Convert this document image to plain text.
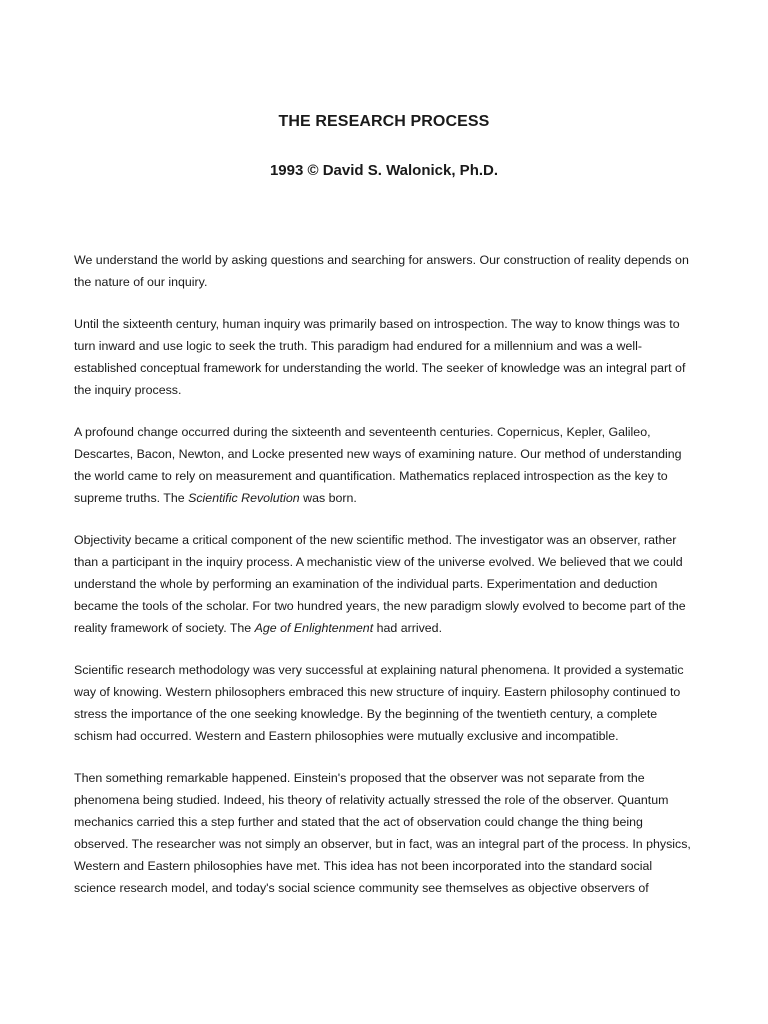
THE RESEARCH PROCESS
1993 © David S. Walonick, Ph.D.

We understand the world by asking questions and searching for answers. Our construction of reality depends on the nature of our inquiry.

Until the sixteenth century, human inquiry was primarily based on introspection. The way to know things was to turn inward and use logic to seek the truth. This paradigm had endured for a millennium and was a well-established conceptual framework for understanding the world. The seeker of knowledge was an integral part of the inquiry process.

A profound change occurred during the sixteenth and seventeenth centuries. Copernicus, Kepler, Galileo, Descartes, Bacon, Newton, and Locke presented new ways of examining nature. Our method of understanding the world came to rely on measurement and quantification. Mathematics replaced introspection as the key to supreme truths. The Scientific Revolution was born.

Objectivity became a critical component of the new scientific method. The investigator was an observer, rather than a participant in the inquiry process. A mechanistic view of the universe evolved. We believed that we could understand the whole by performing an examination of the individual parts. Experimentation and deduction became the tools of the scholar. For two hundred years, the new paradigm slowly evolved to become part of the reality framework of society. The Age of Enlightenment had arrived.

Scientific research methodology was very successful at explaining natural phenomena. It provided a systematic way of knowing. Western philosophers embraced this new structure of inquiry. Eastern philosophy continued to stress the importance of the one seeking knowledge. By the beginning of the twentieth century, a complete schism had occurred. Western and Eastern philosophies were mutually exclusive and incompatible.

Then something remarkable happened. Einstein's proposed that the observer was not separate from the phenomena being studied. Indeed, his theory of relativity actually stressed the role of the observer. Quantum mechanics carried this a step further and stated that the act of observation could change the thing being observed. The researcher was not simply an observer, but in fact, was an integral part of the process. In physics, Western and Eastern philosophies have met. This idea has not been incorporated into the standard social science research model, and today's social science community see themselves as objective observers of
